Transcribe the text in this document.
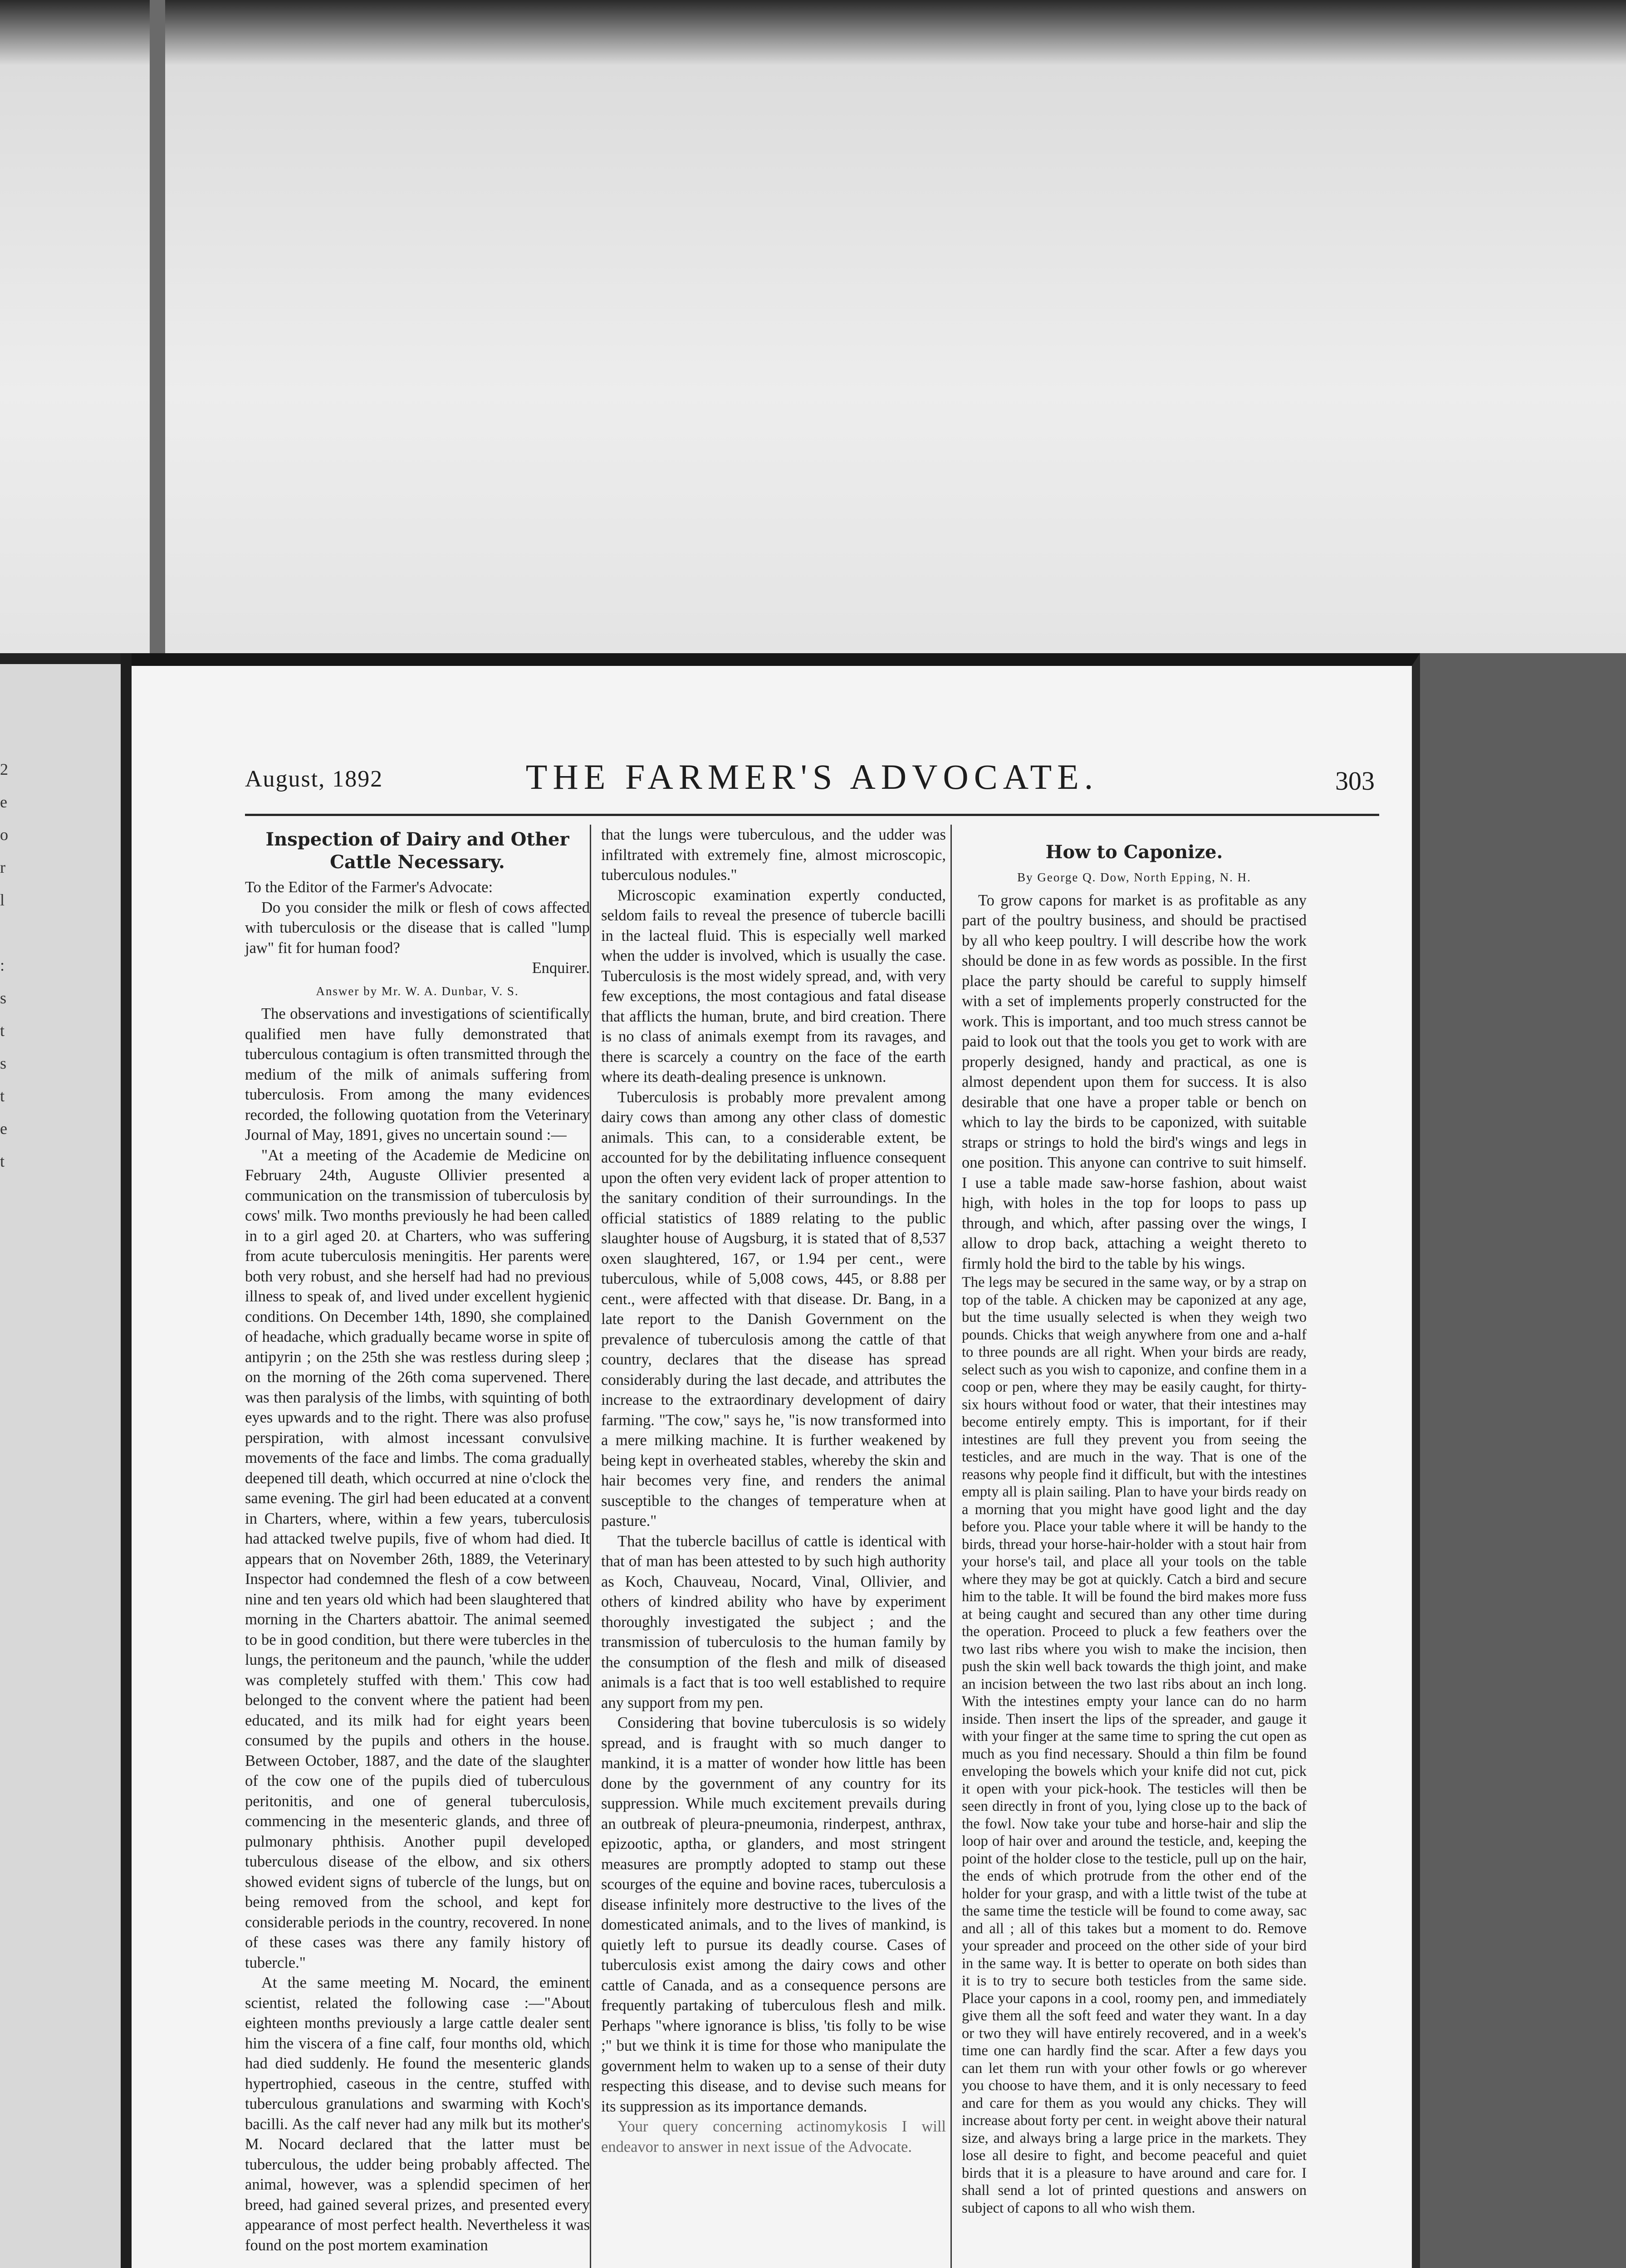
2
e
o
r
l

:
s
t
s
t
e
t
August, 1892	THE FARMER'S ADVOCATE.	303
Inspection of Dairy and Other Cattle Necessary.

To the Editor of the Farmer's Advocate:

Do you consider the milk or flesh of cows affected with tuberculosis or the disease that is called "lump jaw" fit for human food?

Enquirer.

Answer by Mr. W. A. Dunbar, V. S.

The observations and investigations of scientifically qualified men have fully demonstrated that tuberculous contagium is often transmitted through the medium of the milk of animals suffering from tuberculosis. From among the many evidences recorded, the following quotation from the Veterinary Journal of May, 1891, gives no uncertain sound :—

"At a meeting of the Academie de Medicine on February 24th, Auguste Ollivier presented a communication on the transmission of tuberculosis by cows' milk. Two months previously he had been called in to a girl aged 20. at Charters, who was suffering from acute tuberculosis meningitis. Her parents were both very robust, and she herself had had no previous illness to speak of, and lived under excellent hygienic conditions. On December 14th, 1890, she complained of headache, which gradually became worse in spite of antipyrin ; on the 25th she was restless during sleep ; on the morning of the 26th coma supervened. There was then paralysis of the limbs, with squinting of both eyes upwards and to the right. There was also profuse perspiration, with almost incessant convulsive movements of the face and limbs. The coma gradually deepened till death, which occurred at nine o'clock the same evening. The girl had been educated at a convent in Charters, where, within a few years, tuberculosis had attacked twelve pupils, five of whom had died. It appears that on November 26th, 1889, the Veterinary Inspector had condemned the flesh of a cow between nine and ten years old which had been slaughtered that morning in the Charters abattoir. The animal seemed to be in good condition, but there were tubercles in the lungs, the peritoneum and the paunch, 'while the udder was completely stuffed with them.' This cow had belonged to the convent where the patient had been educated, and its milk had for eight years been consumed by the pupils and others in the house. Between October, 1887, and the date of the slaughter of the cow one of the pupils died of tuberculous peritonitis, and one of general tuberculosis, commencing in the mesenteric glands, and three of pulmonary phthisis. Another pupil developed tuberculous disease of the elbow, and six others showed evident signs of tubercle of the lungs, but on being removed from the school, and kept for considerable periods in the country, recovered. In none of these cases was there any family history of tubercle."

At the same meeting M. Nocard, the eminent scientist, related the following case :—"About eighteen months previously a large cattle dealer sent him the viscera of a fine calf, four months old, which had died suddenly. He found the mesenteric glands hypertrophied, caseous in the centre, stuffed with tuberculous granulations and swarming with Koch's bacilli. As the calf never had any milk but its mother's M. Nocard declared that the latter must be tuberculous, the udder being probably affected. The animal, however, was a splendid specimen of her breed, had gained several prizes, and presented every appearance of most perfect health. Nevertheless it was found on the post mortem examination

that the lungs were tuberculous, and the udder was infiltrated with extremely fine, almost microscopic, tuberculous nodules."

Microscopic examination expertly conducted, seldom fails to reveal the presence of tubercle bacilli in the lacteal fluid. This is especially well marked when the udder is involved, which is usually the case. Tuberculosis is the most widely spread, and, with very few exceptions, the most contagious and fatal disease that afflicts the human, brute, and bird creation. There is no class of animals exempt from its ravages, and there is scarcely a country on the face of the earth where its death-dealing presence is unknown.

Tuberculosis is probably more prevalent among dairy cows than among any other class of domestic animals. This can, to a considerable extent, be accounted for by the debilitating influence consequent upon the often very evident lack of proper attention to the sanitary condition of their surroundings. In the official statistics of 1889 relating to the public slaughter house of Augsburg, it is stated that of 8,537 oxen slaughtered, 167, or 1.94 per cent., were tuberculous, while of 5,008 cows, 445, or 8.88 per cent., were affected with that disease. Dr. Bang, in a late report to the Danish Government on the prevalence of tuberculosis among the cattle of that country, declares that the disease has spread considerably during the last decade, and attributes the increase to the extraordinary development of dairy farming. "The cow," says he, "is now transformed into a mere milking machine. It is further weakened by being kept in overheated stables, whereby the skin and hair becomes very fine, and renders the animal susceptible to the changes of temperature when at pasture."

That the tubercle bacillus of cattle is identical with that of man has been attested to by such high authority as Koch, Chauveau, Nocard, Vinal, Ollivier, and others of kindred ability who have by experiment thoroughly investigated the subject ; and the transmission of tuberculosis to the human family by the consumption of the flesh and milk of diseased animals is a fact that is too well established to require any support from my pen.

Considering that bovine tuberculosis is so widely spread, and is fraught with so much danger to mankind, it is a matter of wonder how little has been done by the government of any country for its suppression. While much excitement prevails during an outbreak of pleura-pneumonia, rinderpest, anthrax, epizootic, aptha, or glanders, and most stringent measures are promptly adopted to stamp out these scourges of the equine and bovine races, tuberculosis a disease infinitely more destructive to the lives of the domesticated animals, and to the lives of mankind, is quietly left to pursue its deadly course. Cases of tuberculosis exist among the dairy cows and other cattle of Canada, and as a consequence persons are frequently partaking of tuberculous flesh and milk. Perhaps "where ignorance is bliss, 'tis folly to be wise ;" but we think it is time for those who manipulate the government helm to waken up to a sense of their duty respecting this disease, and to devise such means for its suppression as its importance demands.

Your query concerning actinomykosis I will endeavor to answer in next issue of the Advocate.

How to Caponize.
By George Q. Dow, North Epping, N. H.

To grow capons for market is as profitable as any part of the poultry business, and should be practised by all who keep poultry. I will describe how the work should be done in as few words as possible. In the first place the party should be careful to supply himself with a set of implements properly constructed for the work. This is important, and too much stress cannot be paid to look out that the tools you get to work with are properly designed, handy and practical, as one is almost dependent upon them for success. It is also desirable that one have a proper table or bench on which to lay the birds to be caponized, with suitable straps or strings to hold the bird's wings and legs in one position. This anyone can contrive to suit himself. I use a table made saw-horse fashion, about waist high, with holes in the top for loops to pass up through, and which, after passing over the wings, I allow to drop back, attaching a weight thereto to firmly hold the bird to the table by his wings.

The legs may be secured in the same way, or by a strap on top of the table. A chicken may be caponized at any age, but the time usually selected is when they weigh two pounds. Chicks that weigh anywhere from one and a-half to three pounds are all right. When your birds are ready, select such as you wish to caponize, and confine them in a coop or pen, where they may be easily caught, for thirty-six hours without food or water, that their intestines may become entirely empty. This is important, for if their intestines are full they prevent you from seeing the testicles, and are much in the way. That is one of the reasons why people find it difficult, but with the intestines empty all is plain sailing. Plan to have your birds ready on a morning that you might have good light and the day before you. Place your table where it will be handy to the birds, thread your horse-hair-holder with a stout hair from your horse's tail, and place all your tools on the table where they may be got at quickly. Catch a bird and secure him to the table. It will be found the bird makes more fuss at being caught and secured than any other time during the operation. Proceed to pluck a few feathers over the two last ribs where you wish to make the incision, then push the skin well back towards the thigh joint, and make an incision between the two last ribs about an inch long. With the intestines empty your lance can do no harm inside. Then insert the lips of the spreader, and gauge it with your finger at the same time to spring the cut open as much as you find necessary. Should a thin film be found enveloping the bowels which your knife did not cut, pick it open with your pick-hook. The testicles will then be seen directly in front of you, lying close up to the back of the fowl. Now take your tube and horse-hair and slip the loop of hair over and around the testicle, and, keeping the point of the holder close to the testicle, pull up on the hair, the ends of which protrude from the other end of the holder for your grasp, and with a little twist of the tube at the same time the testicle will be found to come away, sac and all ; all of this takes but a moment to do. Remove your spreader and proceed on the other side of your bird in the same way. It is better to operate on both sides than it is to try to secure both testicles from the same side. Place your capons in a cool, roomy pen, and immediately give them all the soft feed and water they want. In a day or two they will have entirely recovered, and in a week's time one can hardly find the scar. After a few days you can let them run with your other fowls or go wherever you choose to have them, and it is only necessary to feed and care for them as you would any chicks. They will increase about forty per cent. in weight above their natural size, and always bring a large price in the markets. They lose all desire to fight, and become peaceful and quiet birds that it is a pleasure to have around and care for. I shall send a lot of printed questions and answers on subject of capons to all who wish them.
